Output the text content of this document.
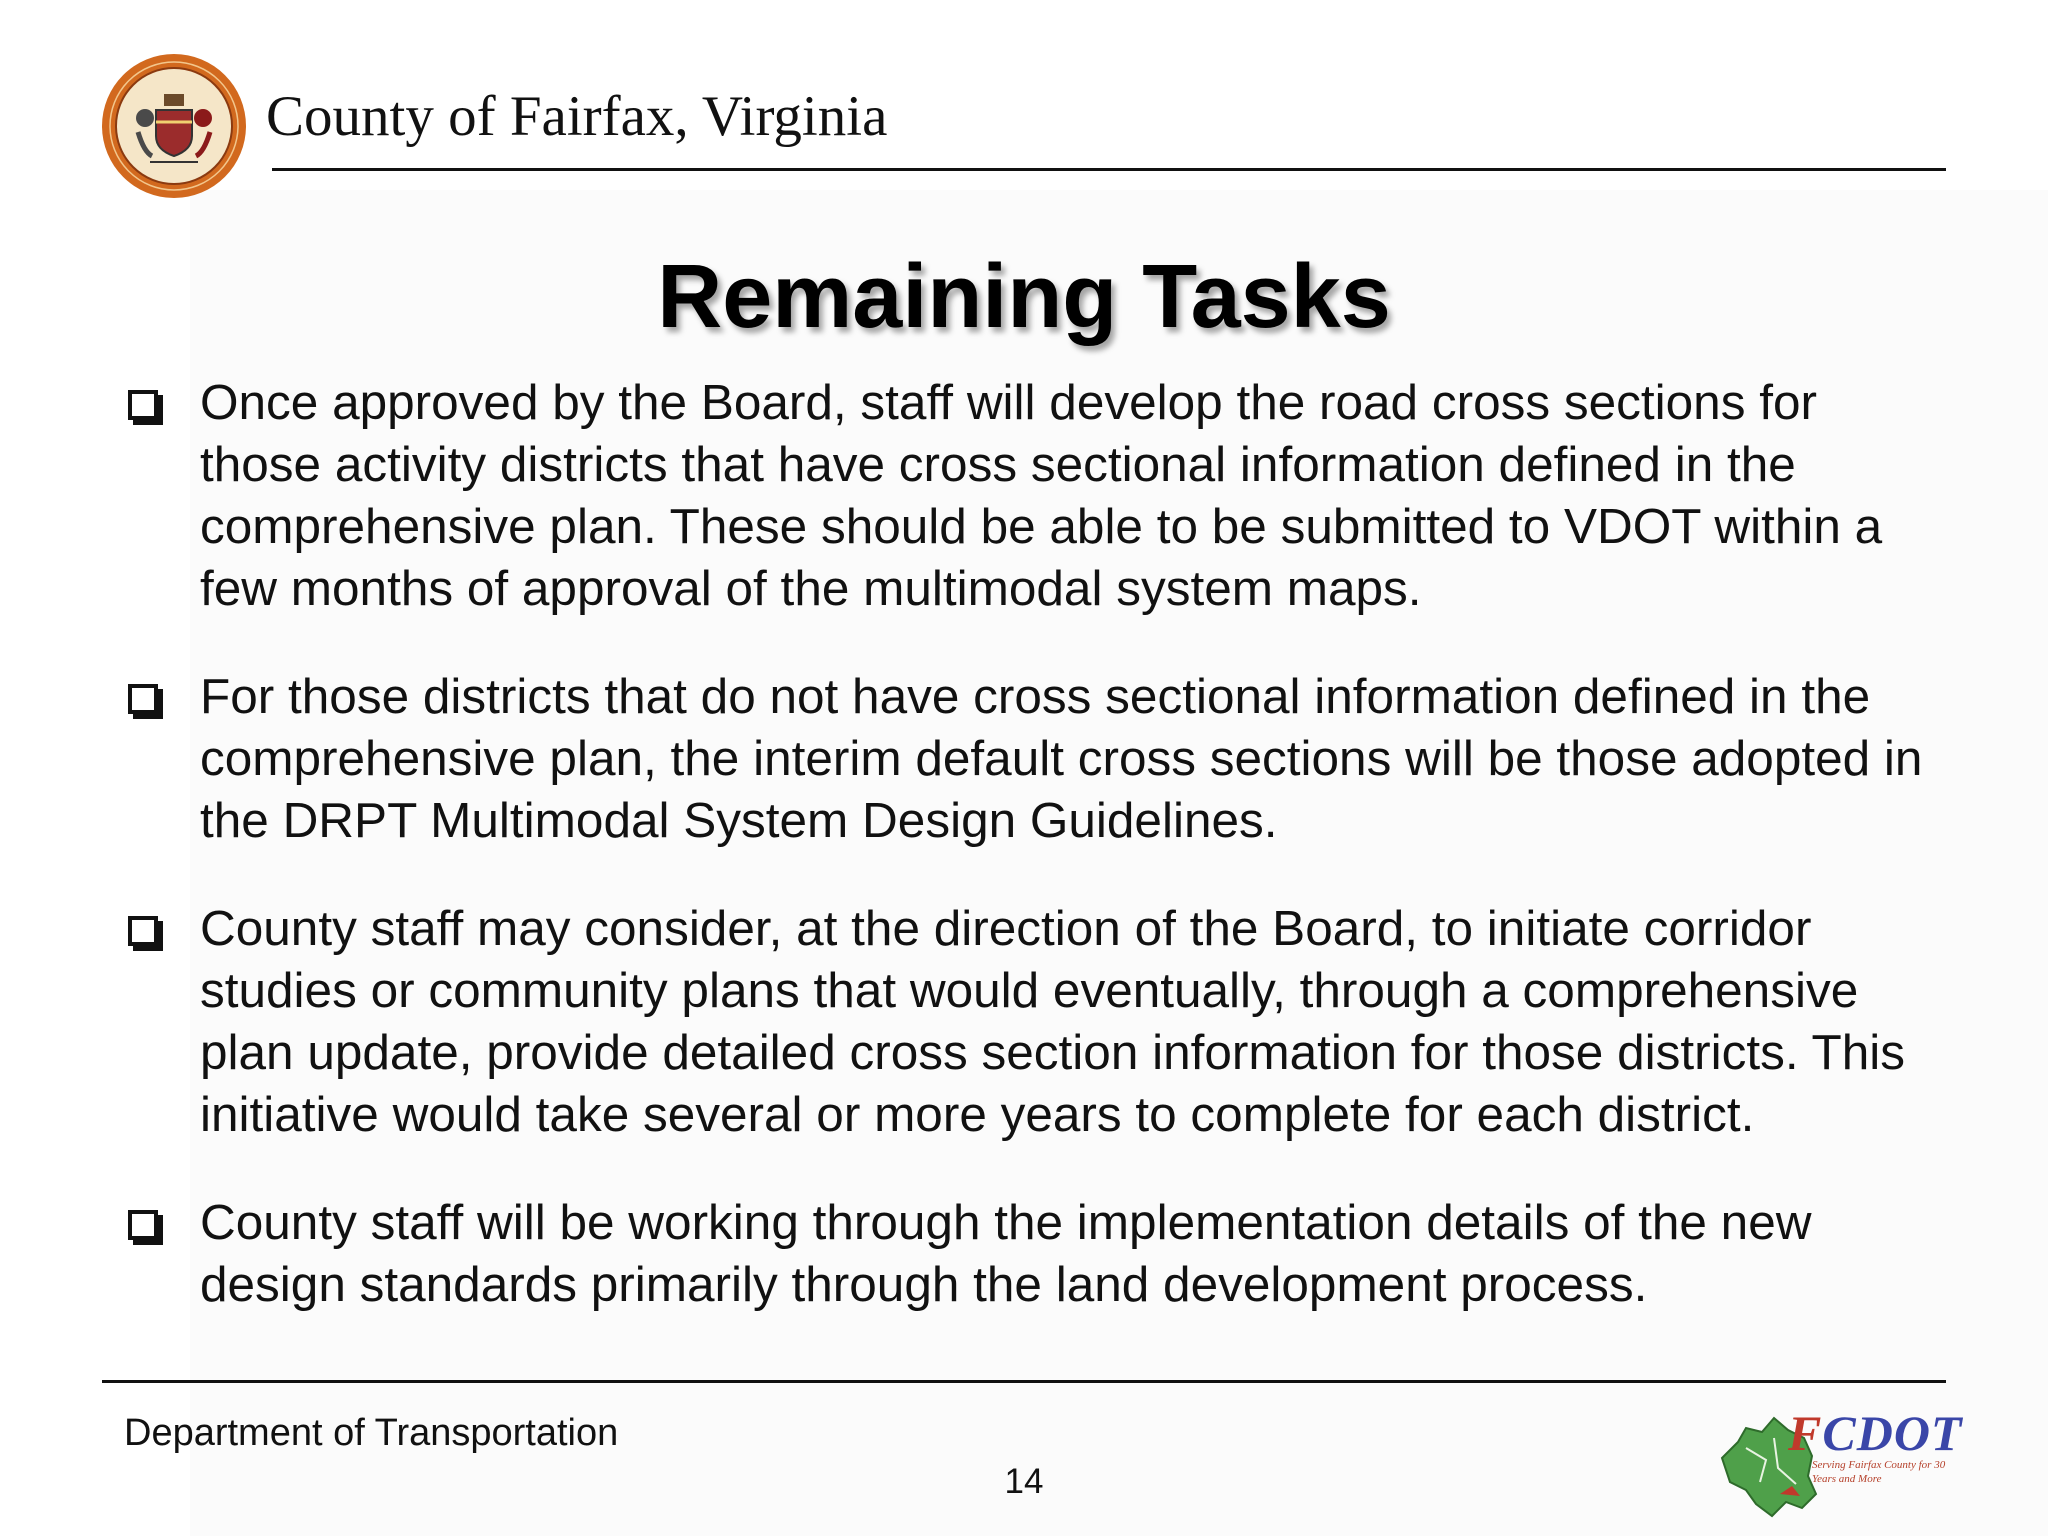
County of Fairfax, Virginia
Remaining Tasks
Once approved by the Board, staff will develop the road cross sections for those activity districts that have cross sectional information defined in the comprehensive plan. These should be able to be submitted to VDOT within a few months of approval of the multimodal system maps.
For those districts that do not have cross sectional information defined in the comprehensive plan, the interim default cross sections will be those adopted in the DRPT Multimodal System Design Guidelines.
County staff may consider, at the direction of the Board, to initiate corridor studies or community plans that would eventually, through a comprehensive plan update, provide detailed cross section information for those districts. This initiative would take several or more years to complete for each district.
County staff will be working through the implementation details of the new design standards primarily through the land development process.
Department of Transportation
14
FCDOT
Serving Fairfax County for 30 Years and More
